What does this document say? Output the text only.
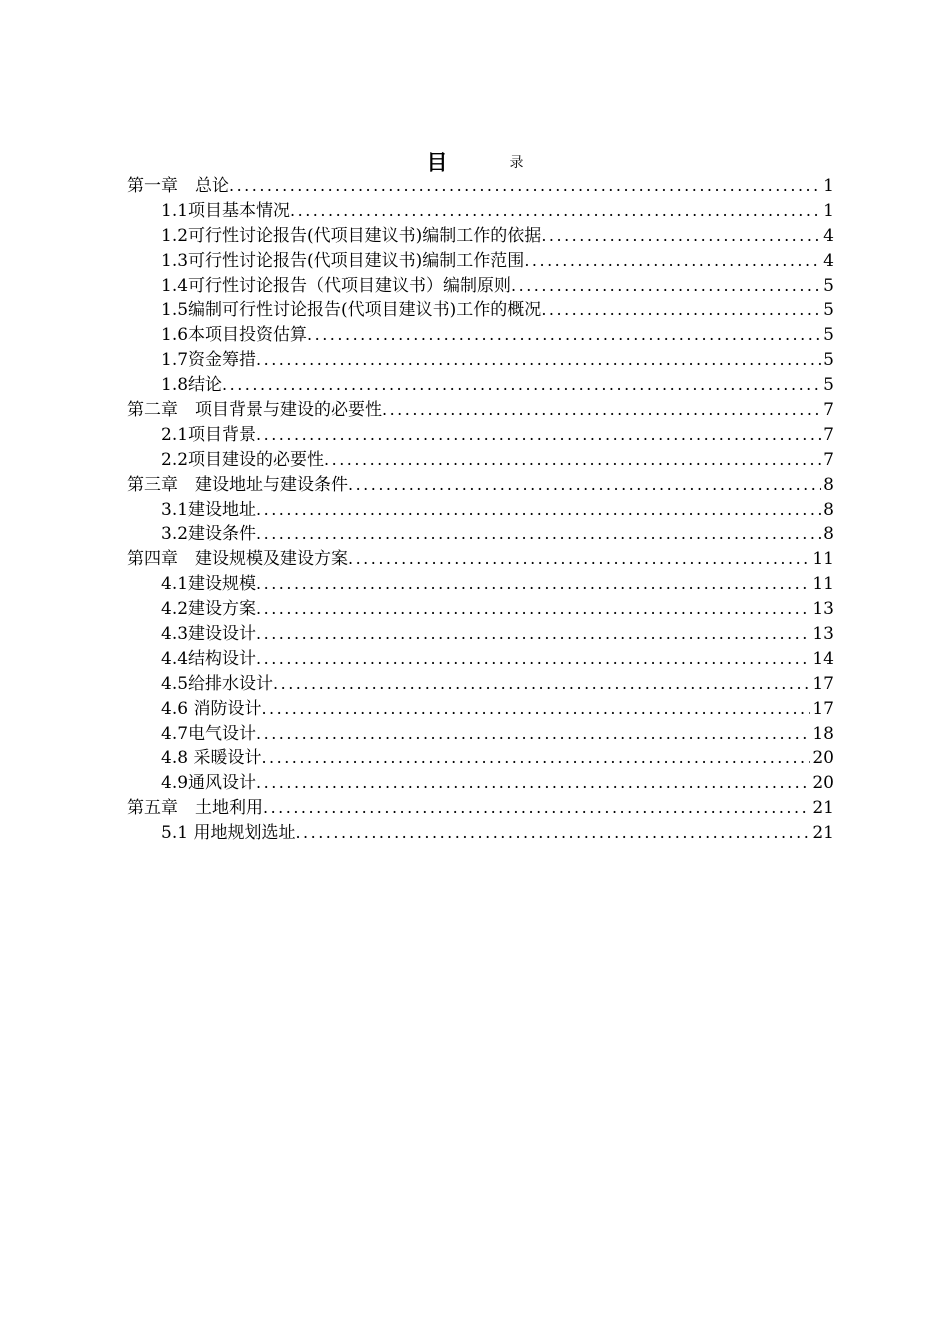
目	录
第一章　总论 .....	1
1.1项目基本情况 .....	1
1.2可行性讨论报告(代项目建议书)编制工作的依据 .....	4
1.3可行性讨论报告(代项目建议书)编制工作范围 .....	4
1.4可行性讨论报告（代项目建议书）编制原则 .....	5
1.5编制可行性讨论报告(代项目建议书)工作的概况 .....	5
1.6本项目投资估算 .....	5
1.7资金筹措 .....	5
1.8结论 .....	5
第二章　项目背景与建设的必要性 .....	7
2.1项目背景 .....	7
2.2项目建设的必要性 .....	7
第三章　建设地址与建设条件 .....	8
3.1建设地址 .....	8
3.2建设条件 .....	8
第四章　建设规模及建设方案 .....	11
4.1建设规模 .....	11
4.2建设方案 .....	13
4.3建设设计 .....	13
4.4结构设计 .....	14
4.5给排水设计 .....	17
4.6 消防设计 .....	17
4.7电气设计 .....	18
4.8 采暖设计 .....	20
4.9通风设计 .....	20
第五章　土地利用 .....	21
5.1 用地规划选址 .....	21
